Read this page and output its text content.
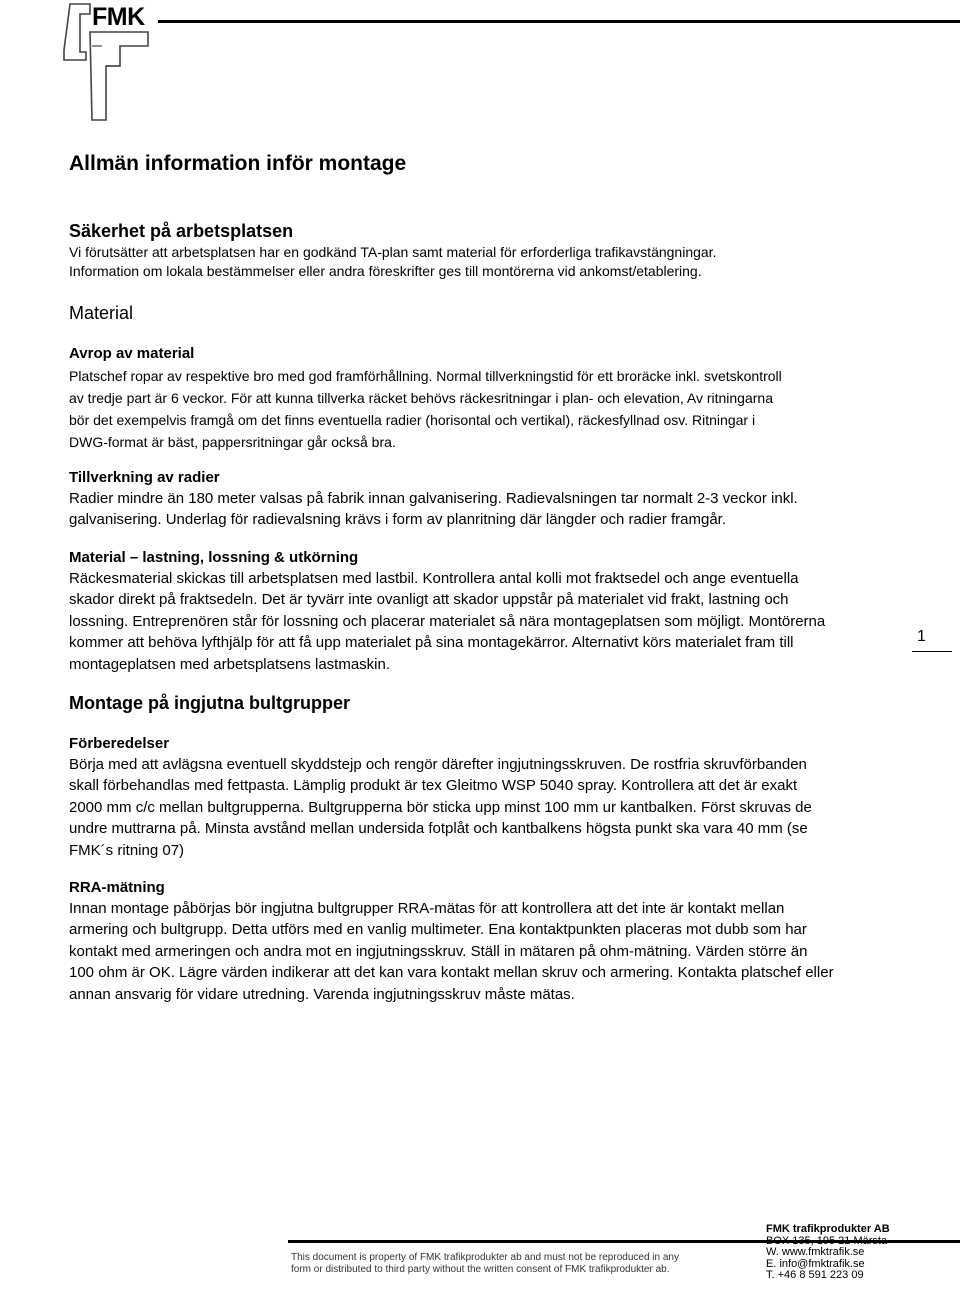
FMK
Allmän information inför montage
Säkerhet på arbetsplatsen
Vi förutsätter att arbetsplatsen har en godkänd TA-plan samt material för erforderliga trafikavstängningar.
Information om lokala bestämmelser eller andra föreskrifter ges till montörerna vid ankomst/etablering.
Material
Avrop av material
Platschef ropar av respektive bro med god framförhållning. Normal tillverkningstid för ett broräcke inkl. svetskontroll
av tredje part är 6 veckor. För att kunna tillverka räcket behövs räckesritningar i plan- och elevation, Av ritningarna
bör det exempelvis framgå om det finns eventuella radier (horisontal och vertikal), räckesfyllnad osv. Ritningar i
DWG-format är bäst, pappersritningar går också bra.
Tillverkning av radier
Radier mindre än 180 meter valsas på fabrik innan galvanisering. Radievalsningen tar normalt 2-3 veckor inkl.
galvanisering. Underlag för radievalsning krävs i form av planritning där längder och radier framgår.
Material – lastning, lossning & utkörning
Räckesmaterial skickas till arbetsplatsen med lastbil. Kontrollera antal kolli mot fraktsedel och ange eventuella
skador direkt på fraktsedeln. Det är tyvärr inte ovanligt att skador uppstår på materialet vid frakt, lastning och
lossning. Entreprenören står för lossning och placerar materialet så nära montageplatsen som möjligt. Montörerna
kommer att behöva lyfthjälp för att få upp materialet på sina montagekärror. Alternativt körs materialet fram till
montageplatsen med arbetsplatsens lastmaskin.
1
Montage på ingjutna bultgrupper
Förberedelser
Börja med att avlägsna eventuell skyddstejp och rengör därefter ingjutningsskruven. De rostfria skruvförbanden
skall förbehandlas med fettpasta. Lämplig produkt är tex Gleitmo WSP 5040 spray. Kontrollera att det är exakt
2000 mm c/c mellan bultgrupperna. Bultgrupperna bör sticka upp minst 100 mm ur kantbalken. Först skruvas de
undre muttrarna på. Minsta avstånd mellan undersida fotplåt och kantbalkens högsta punkt ska vara 40 mm (se
FMK´s ritning 07)
RRA-mätning
Innan montage påbörjas bör ingjutna bultgrupper RRA-mätas för att kontrollera att det inte är kontakt mellan
armering och bultgrupp. Detta utförs med en vanlig multimeter. Ena kontaktpunkten placeras mot dubb som har
kontakt med armeringen och andra mot en ingjutningsskruv. Ställ in mätaren på ohm-mätning. Värden större än
100 ohm är OK. Lägre värden indikerar att det kan vara kontakt mellan skruv och armering. Kontakta platschef eller
annan ansvarig för vidare utredning. Varenda ingjutningsskruv måste mätas.
This document is property of FMK trafikprodukter ab and must not be reproduced in any
form or distributed to third party without the written consent of FMK trafikprodukter ab.
FMK trafikprodukter AB
BOX 135, 195 21 Märsta
W. www.fmktrafik.se
E. info@fmktrafik.se
T. +46 8 591 223 09
